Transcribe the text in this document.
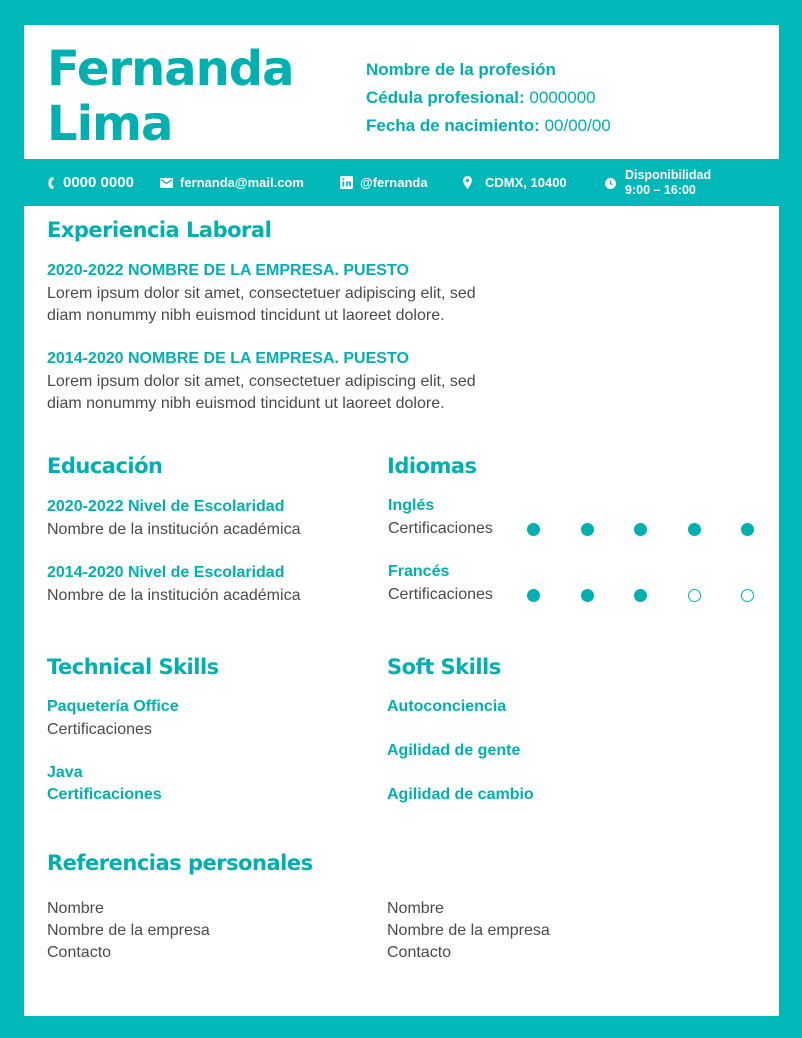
Fernanda
Lima
Nombre de la profesión
Cédula profesional: 0000000
Fecha de nacimiento: 00/00/00
0000 0000	fernanda@mail.com	@fernanda	CDMX, 10400	Disponibilidad
9:00 – 16:00
Experiencia Laboral
2020-2022 NOMBRE DE LA EMPRESA. PUESTO
Lorem ipsum dolor sit amet, consectetuer adipiscing elit, sed
diam nonummy nibh euismod tincidunt ut laoreet dolore.
2014-2020 NOMBRE DE LA EMPRESA. PUESTO
Lorem ipsum dolor sit amet, consectetuer adipiscing elit, sed
diam nonummy nibh euismod tincidunt ut laoreet dolore.
Educación
2020-2022 Nivel de Escolaridad
Nombre de la institución académica
2014-2020 Nivel de Escolaridad
Nombre de la institución académica
Idiomas
Inglés
Certificaciones
Francés
Certificaciones
Technical Skills
Paquetería Office
Certificaciones
Java
Certificaciones
Soft Skills
Autoconciencia
Agilidad de gente
Agilidad de cambio
Referencias personales
Nombre
Nombre de la empresa
Contacto
Nombre
Nombre de la empresa
Contacto
